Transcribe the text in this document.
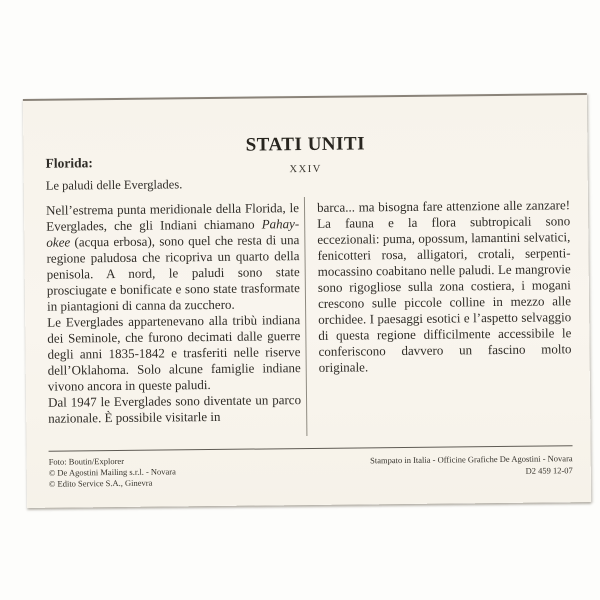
STATI UNITI
XXIV
Florida:
Le paludi delle Everglades.

Nell’estrema punta meridionale della Florida, le Everglades, che gli Indiani chiamano Pahay-okee (acqua erbosa), sono quel che resta di una regione paludosa che ricopriva un quarto della penisola. A nord, le paludi sono state prosciugate e bonificate e sono state trasformate in piantagioni di canna da zucchero.

Le Everglades appartenevano alla tribù indiana dei Seminole, che furono decimati dalle guerre degli anni 1835-1842 e trasferiti nelle riserve dell’Oklahoma. Solo alcune famiglie indiane vivono ancora in queste paludi.

Dal 1947 le Everglades sono diventate un parco nazionale. È possibile visitarle in

barca... ma bisogna fare attenzione alle zanzare! La fauna e la flora subtropicali sono eccezionali: puma, opossum, lamantini selvatici, fenicotteri rosa, alligatori, crotali, serpenti-mocassino coabitano nelle paludi. Le mangrovie sono rigogliose sulla zona costiera, i mogani crescono sulle piccole colline in mezzo alle orchidee. I paesaggi esotici e l’aspetto selvaggio di questa regione difficilmente accessibile le conferiscono davvero un fascino molto originale.

Foto: Boutin/Explorer
© De Agostini Mailing s.r.l. - Novara
© Edito Service S.A., Ginevra
Stampato in Italia - Officine Grafiche De Agostini - Novara
D2 459 12-07
